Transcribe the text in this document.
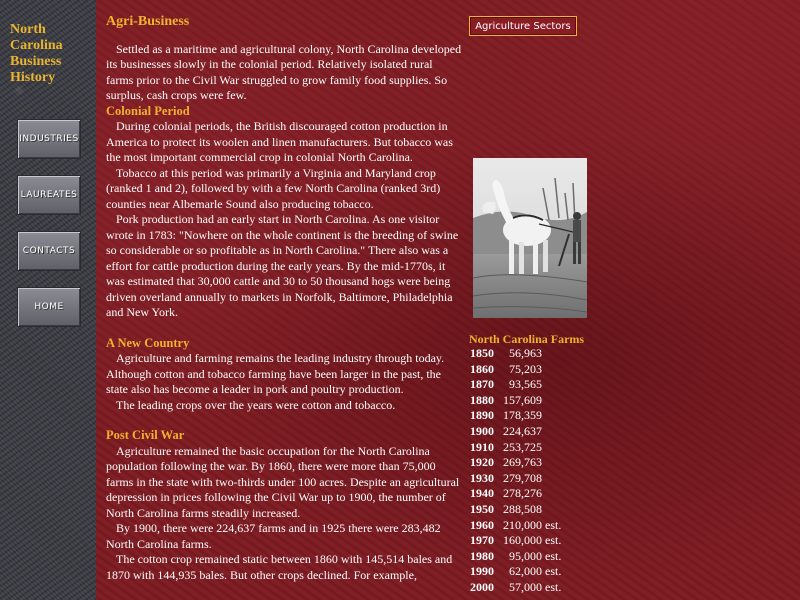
North
Carolina
Business
History
INDUSTRIES
LAUREATES
CONTACTS
HOME
Agriculture Sectors
Agri-Business

Settled as a maritime and agricultural colony, North Carolina developed its businesses slowly in the colonial period. Relatively isolated rural farms prior to the Civil War struggled to grow family food supplies. So surplus, cash crops were few.

Colonial Period

During colonial periods, the British discouraged cotton production in America to protect its woolen and linen manufacturers. But tobacco was the most important commercial crop in colonial North Carolina.

Tobacco at this period was primarily a Virginia and Maryland crop (ranked 1 and 2), followed by with a few North Carolina (ranked 3rd) counties near Albemarle Sound also producing tobacco.

Pork production had an early start in North Carolina. As one visitor wrote in 1783: "Nowhere on the whole continent is the breeding of swine so considerable or so profitable as in North Carolina." There also was a effort for cattle production during the early years. By the mid-1770s, it was estimated that 30,000 cattle and 30 to 50 thousand hogs were being driven overland annually to markets in Norfolk, Baltimore, Philadelphia and New York.

A New Country

Agriculture and farming remains the leading industry through today. Although cotton and tobacco farming have been larger in the past, the state also has become a leader in pork and poultry production.

The leading crops over the years were cotton and tobacco.

Post Civil War

Agriculture remained the basic occupation for the North Carolina population following the war. By 1860, there were more than 75,000 farms in the state with two-thirds under 100 acres. Despite an agricultural depression in prices following the Civil War up to 1900, the number of North Carolina farms steadily increased.

By 1900, there were 224,637 farms and in 1925 there were 283,482 North Carolina farms.

The cotton crop remained static between 1860 with 145,514 bales and 1870 with 144,935 bales. But other crops declined. For example,

North Carolina Farms
1850	56,963
1860	75,203
1870	93,565
1880 157,609
1890 178,359
1900 224,637
1910 253,725
1920 269,763
1930 279,708
1940 278,276
1950 288,508
1960 210,000 est.
1970 160,000 est.
1980	95,000 est.
1990	62,000 est.
2000	57,000 est.
